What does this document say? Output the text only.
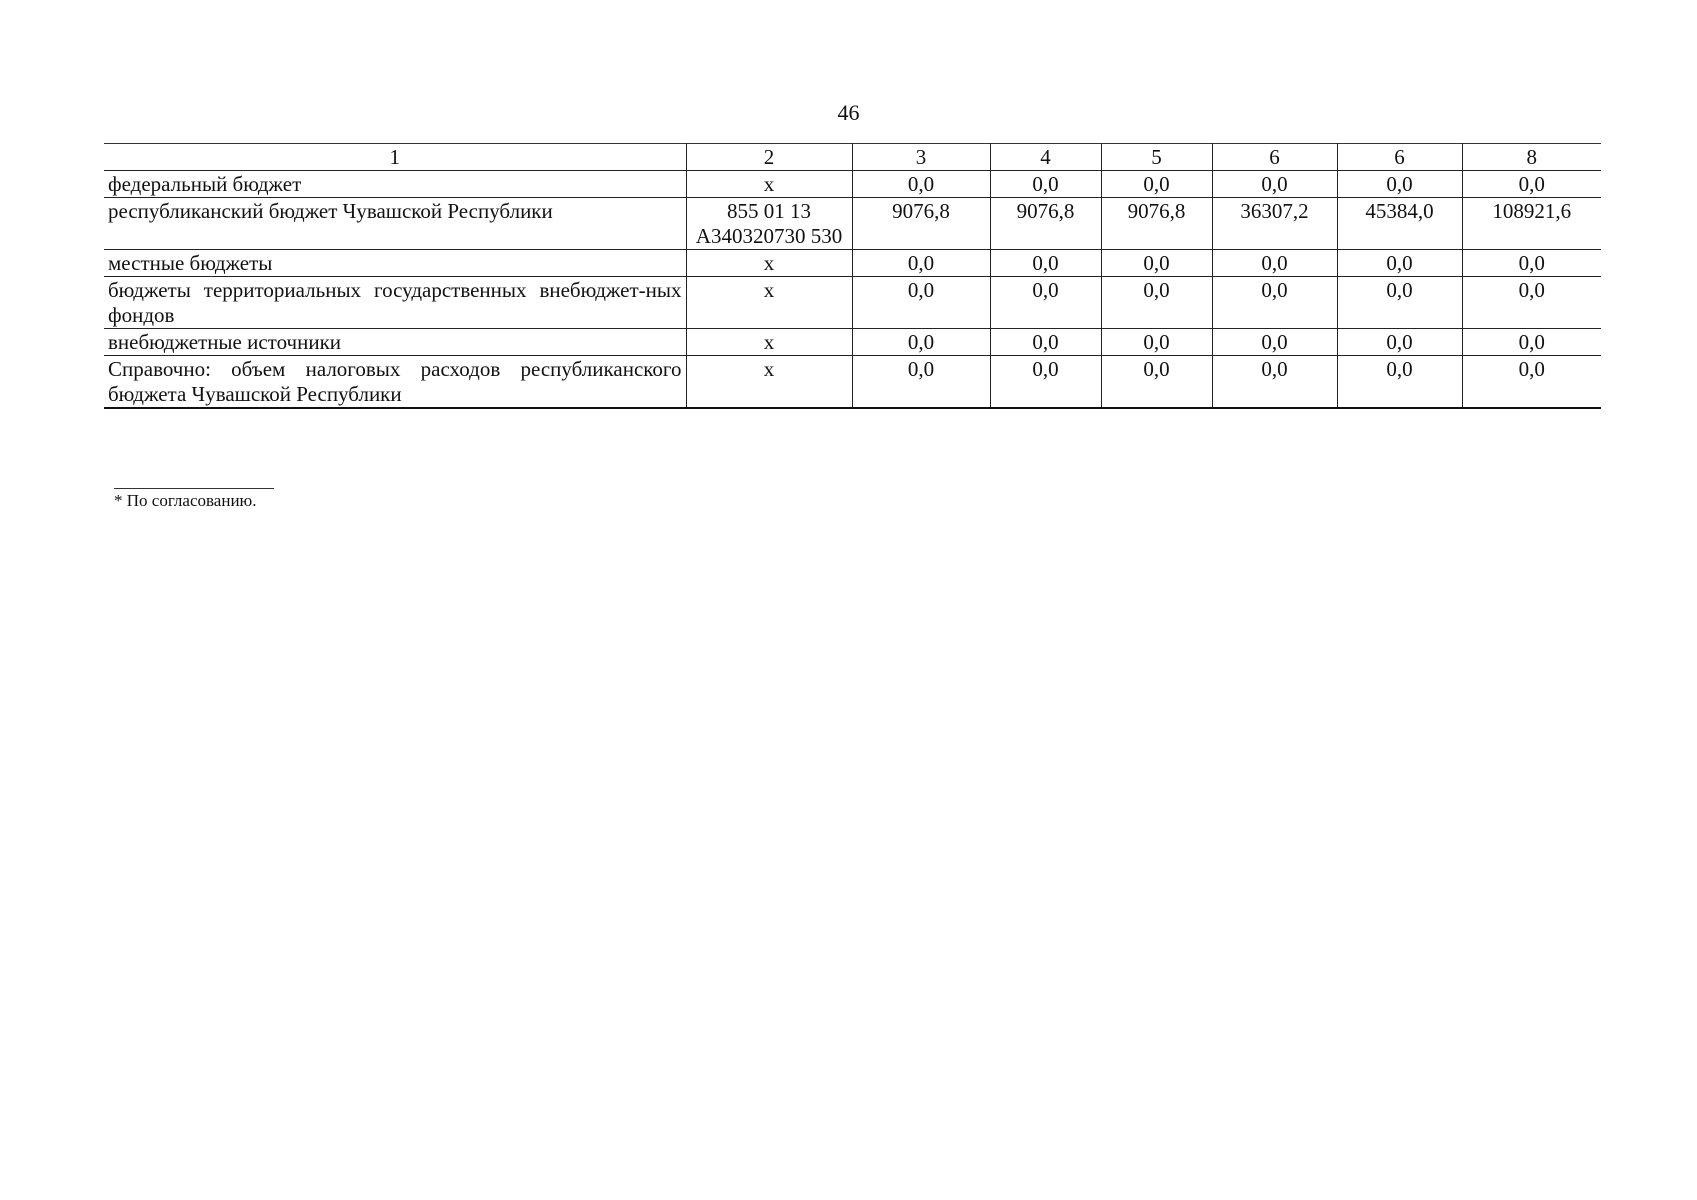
46
1	2	3	4	5	6	6	8
федеральный бюджет	х	0,0	0,0	0,0	0,0	0,0	0,0
республиканский бюджет Чувашской Республики	855 01 13 А340320730 530	9076,8	9076,8	9076,8	36307,2	45384,0	108921,6
местные бюджеты	х	0,0	0,0	0,0	0,0	0,0	0,0
бюджеты территориальных государственных внебюджет-ных фондов	х	0,0	0,0	0,0	0,0	0,0	0,0
внебюджетные источники	х	0,0	0,0	0,0	0,0	0,0	0,0
Справочно: объем налоговых расходов республиканского бюджета Чувашской Республики	х	0,0	0,0	0,0	0,0	0,0	0,0
* По согласованию.
